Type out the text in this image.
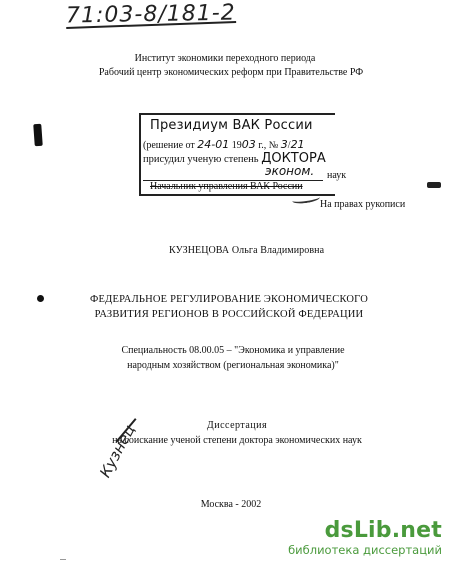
71:03-8/181-2
Институт экономики переходного периода
Рабочий центр экономических реформ при Правительстве РФ
Президиум ВАК России
(решение от 24-01 1903 г., № 3/21
присудил ученую степень ДОКТОРА
эконом. наук
Начальник управления ВАК России
На правах рукописи
КУЗНЕЦОВА Ольга Владимировна
ФЕДЕРАЛЬНОЕ РЕГУЛИРОВАНИЕ ЭКОНОМИЧЕСКОГО
РАЗВИТИЯ РЕГИОНОВ В РОССИЙСКОЙ ФЕДЕРАЦИИ
Специальность 08.00.05 – "Экономика и управление
народным хозяйством (региональная экономика)"
Диссертация
на соискание ученой степени доктора экономических наук
Кузнец
Москва - 2002
dsLib.net
библиотека диссертаций
